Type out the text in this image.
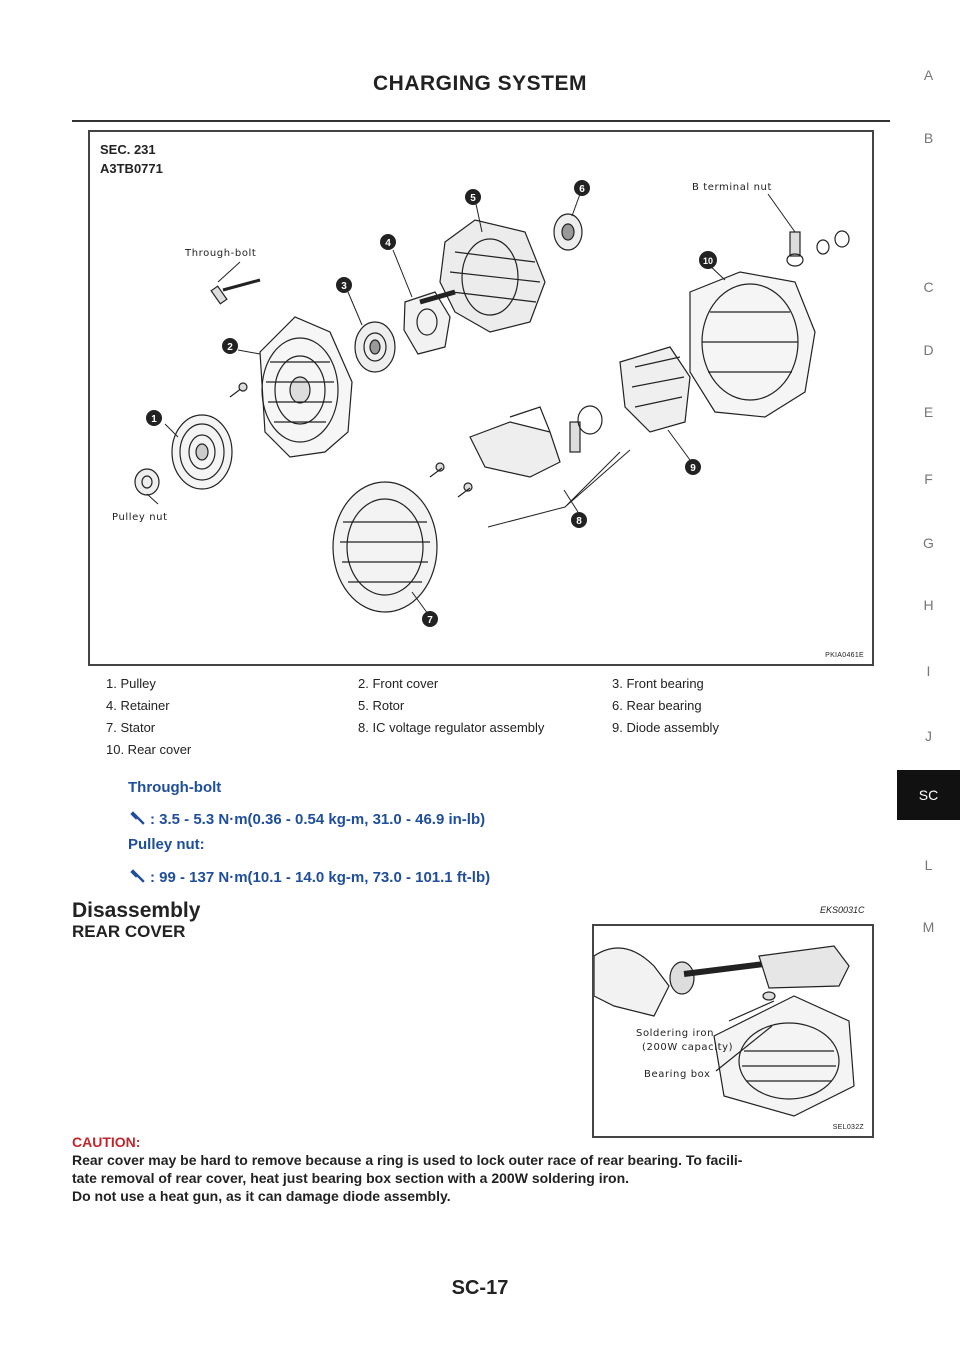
CHARGING SYSTEM	A
B
C
D
E
F
G
H
I
J
SC
L
M
SEC. 231
A3TB0771
Through-bolt
B terminal nut
Pulley nut
1
2
3
4
5
6
7
8
9
10
PKIA0461E
1. Pulley	2. Front cover	3. Front bearing
4. Retainer	5. Rotor	6. Rear bearing
7. Stator	8. IC voltage regulator assembly	9. Diode assembly
10. Rear cover
Through-bolt
: 3.5 - 5.3 N·m(0.36 - 0.54 kg-m, 31.0 - 46.9 in-lb)
Pulley nut:
: 99 - 137 N·m(10.1 - 14.0 kg-m, 73.0 - 101.1 ft-lb)
Disassembly	EKS0031C
REAR COVER
Soldering iron
(200W capacity)
Bearing box
SEL032Z
CAUTION:
Rear cover may be hard to remove because a ring is used to lock outer race of rear bearing. To facili-
tate removal of rear cover, heat just bearing box section with a 200W soldering iron.
Do not use a heat gun, as it can damage diode assembly.
SC-17
